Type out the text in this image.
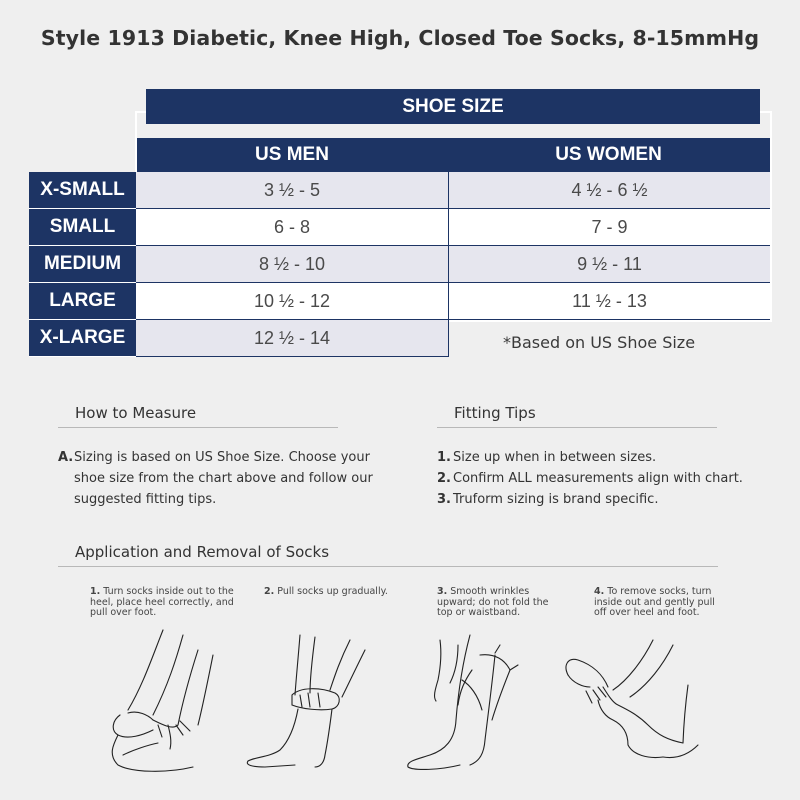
Style 1913 Diabetic, Knee High, Closed Toe Socks, 8-15mmHg
SHOE SIZE
US MEN	US WOMEN
X-SMALL	3 ½ - 5	4 ½ - 6 ½
SMALL	6 - 8	7 - 9
MEDIUM	8 ½ - 10	9 ½ - 11
LARGE	10 ½ - 12	11 ½ - 13
X-LARGE	12 ½ - 14	*Based on US Shoe Size
How to Measure
A. Sizing is based on US Shoe Size. Choose your shoe size from the chart above and follow our suggested fitting tips.
Fitting Tips
1. Size up when in between sizes.
2. Confirm ALL measurements align with chart.
3. Truform sizing is brand specific.
Application and Removal of Socks
1. Turn socks inside out to the heel, place heel correctly, and pull over foot.
2. Pull socks up gradually.	3. Smooth wrinkles upward; do not fold the top or waistband.
4. To remove socks, turn inside out and gently pull off over heel and foot.
